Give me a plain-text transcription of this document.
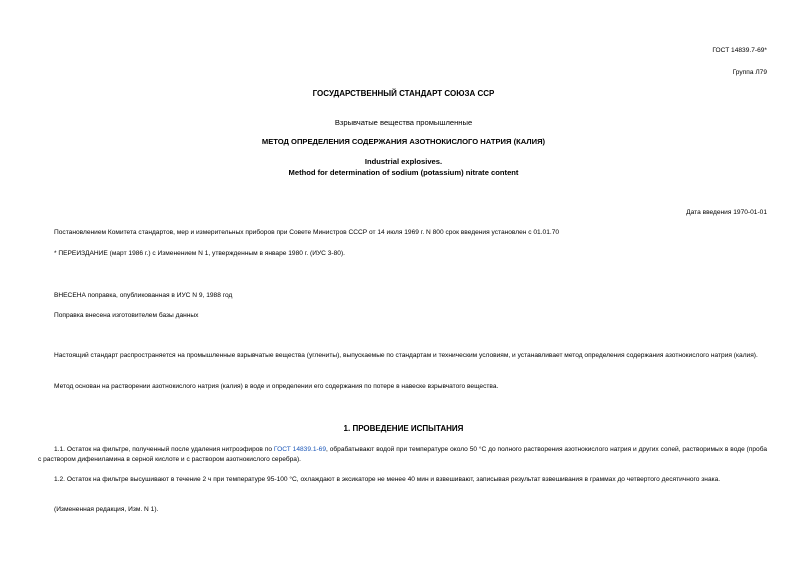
ГОСТ 14839.7-69*
Группа Л79
ГОСУДАРСТВЕННЫЙ СТАНДАРТ СОЮЗА ССР
Взрывчатые вещества промышленные
МЕТОД ОПРЕДЕЛЕНИЯ СОДЕРЖАНИЯ АЗОТНОКИСЛОГО НАТРИЯ (КАЛИЯ)
Industrial explosives.
Method for determination of sodium (potassium) nitrate content
Дата введения 1970-01-01
Постановлением Комитета стандартов, мер и измерительных приборов при Совете Министров СССР от 14 июля 1969 г. N 800 срок введения установлен с 01.01.70
* ПЕРЕИЗДАНИЕ (март 1986 г.) с Изменением N 1, утвержденным в январе 1980 г. (ИУС 3-80).
ВНЕСЕНА поправка, опубликованная в ИУС N 9, 1988 год
Поправка внесена изготовителем базы данных
Настоящий стандарт распространяется на промышленные взрывчатые вещества (углениты), выпускаемые по стандартам и техническим условиям, и устанавливает метод определения содержания азотнокислого натрия (калия).
Метод основан на растворении азотнокислого натрия (калия) в воде и определении его содержания по потере в навеске взрывчатого вещества.
1. ПРОВЕДЕНИЕ ИСПЫТАНИЯ
1.1. Остаток на фильтре, полученный после удаления нитроэфиров по ГОСТ 14839.1-69, обрабатывают водой при температуре около 50 °С до полного растворения азотнокислого натрия и других солей, растворимых в воде (проба с раствором дифениламина в серной кислоте и с раствором азотнокислого серебра).
1.2. Остаток на фильтре высушивают в течение 2 ч при температуре 95-100 °С, охлаждают в эксикаторе не менее 40 мин и взвешивают, записывая результат взвешивания в граммах до четвертого десятичного знака.
(Измененная редакция, Изм. N 1).
